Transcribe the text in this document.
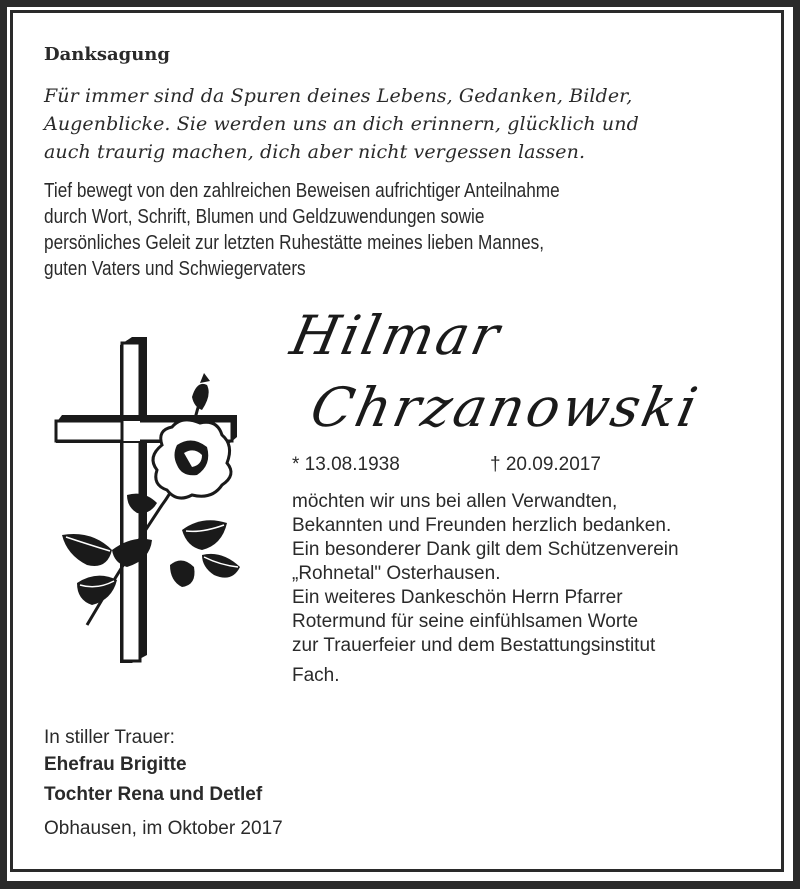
Danksagung
Für immer sind da Spuren deines Lebens, Gedanken, Bilder,
Augenblicke. Sie werden uns an dich erinnern, glücklich und
auch traurig machen, dich aber nicht vergessen lassen.
Tief bewegt von den zahlreichen Beweisen aufrichtiger Anteilnahme
durch Wort, Schrift, Blumen und Geldzuwendungen sowie
persönliches Geleit zur letzten Ruhestätte meines lieben Mannes,
guten Vaters und Schwiegervaters
Hilmar
Chrzanowski
* 13.08.1938	† 20.09.2017
möchten wir uns bei allen Verwandten,
Bekannten und Freunden herzlich bedanken.
Ein besonderer Dank gilt dem Schützenverein
„Rohnetal" Osterhausen.
Ein weiteres Dankeschön Herrn Pfarrer
Rotermund für seine einfühlsamen Worte
zur Trauerfeier und dem Bestattungsinstitut
Fach.
In stiller Trauer:
Ehefrau Brigitte
Tochter Rena und Detlef
Obhausen, im Oktober 2017
